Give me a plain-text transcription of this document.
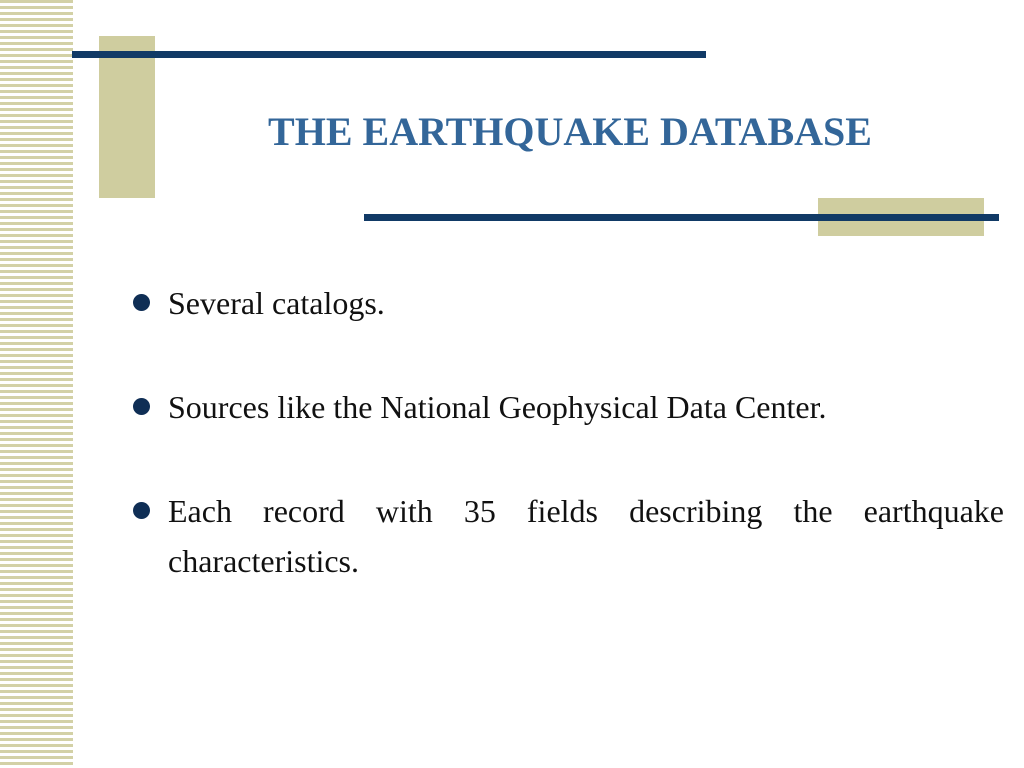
THE EARTHQUAKE DATABASE
Several catalogs.
Sources like the National Geophysical Data Center.
Each record with 35 fields describing the earthquake characteristics.
